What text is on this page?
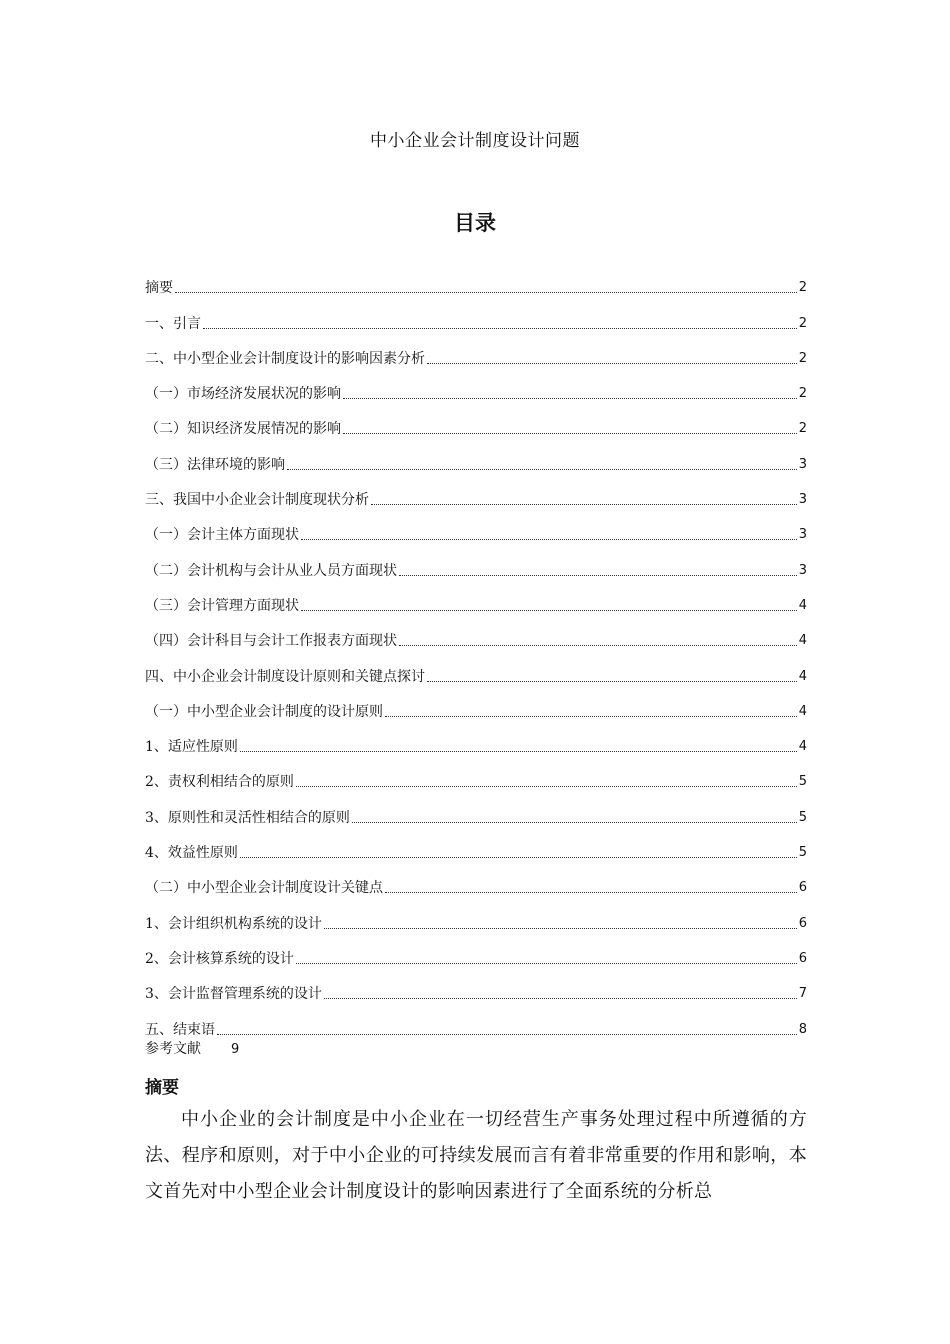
中小企业会计制度设计问题
目录
摘要	2
一、引言	2
二、中小型企业会计制度设计的影响因素分析	2
（一）市场经济发展状况的影响	2
（二）知识经济发展情况的影响	2
（三）法律环境的影响	3
三、我国中小企业会计制度现状分析	3
（一）会计主体方面现状	3
（二）会计机构与会计从业人员方面现状	3
（三）会计管理方面现状	4
（四）会计科目与会计工作报表方面现状	4
四、中小企业会计制度设计原则和关键点探讨	4
（一）中小型企业会计制度的设计原则	4
1、适应性原则	4
2、责权利相结合的原则	5
3、原则性和灵活性相结合的原则	5
4、效益性原则	5
（二）中小型企业会计制度设计关键点	6
1、会计组织机构系统的设计	6
2、会计核算系统的设计	6
3、会计监督管理系统的设计	7
五、结束语	8
参考文献 9
摘要
中小企业的会计制度是中小企业在一切经营生产事务处理过程中所遵循的方法、程序和原则，对于中小企业的可持续发展而言有着非常重要的作用和影响，本文首先对中小型企业会计制度设计的影响因素进行了全面系统的分析总
